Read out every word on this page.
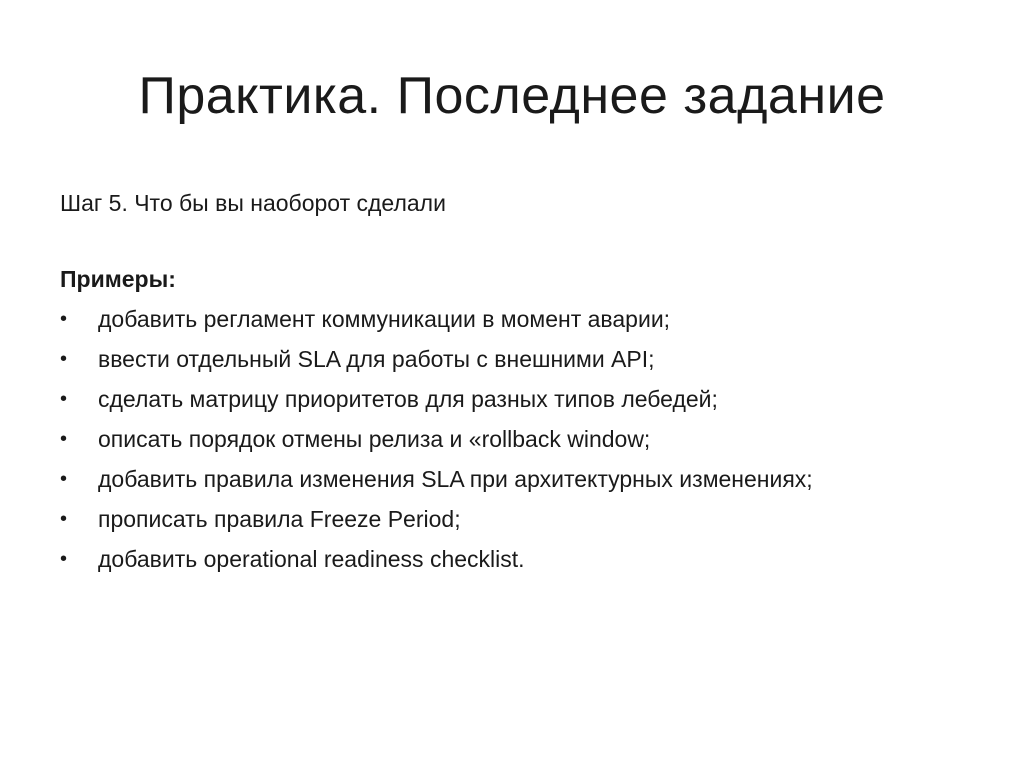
Практика. Последнее задание

Шаг 5. Что бы вы наоборот сделали

Примеры:

• добавить регламент коммуникации в момент аварии;
• ввести отдельный SLA для работы с внешними API;
• сделать матрицу приоритетов для разных типов лебедей;
• описать порядок отмены релиза и «rollback window;
• добавить правила изменения SLA при архитектурных изменениях;
• прописать правила Freeze Period;
• добавить operational readiness checklist.
